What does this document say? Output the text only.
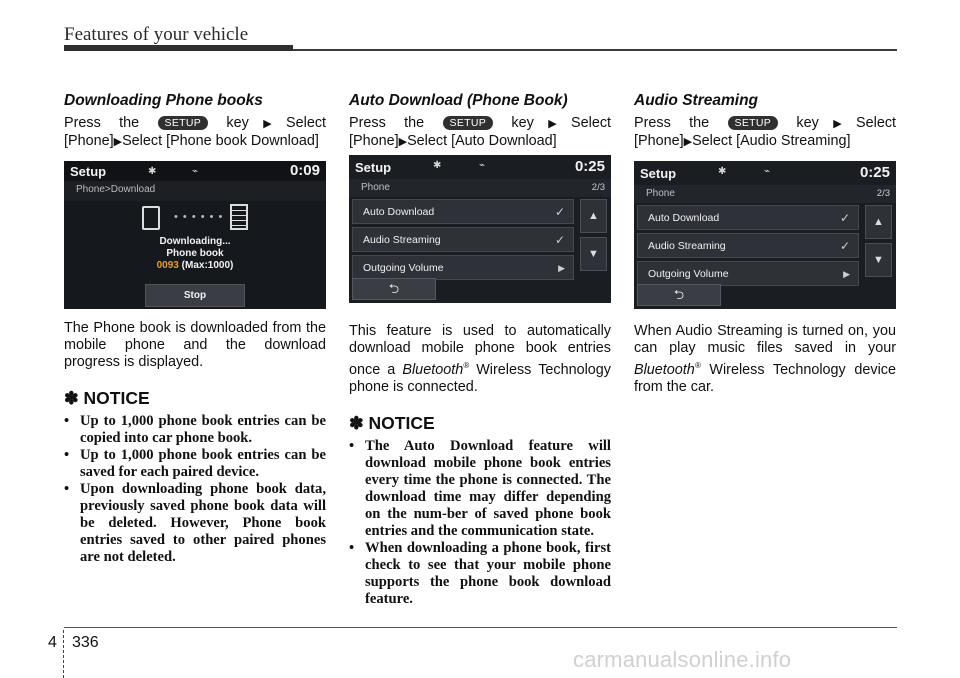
Features of your vehicle
Downloading Phone books

Press the SETUP key▶Select [Phone]▶Select [Phone book Download]

Setup	✱	⌁	0:09
Phone>Download
• • • • • •
Downloading...
Phone book
0093 (Max:1000)
Stop

The Phone book is downloaded from the mobile phone and the download progress is displayed.

✽ NOTICE
• Up to 1,000 phone book entries can be copied into car phone book.
• Up to 1,000 phone book entries can be saved for each paired device.
• Upon downloading phone book data, previously saved phone book data will be deleted. However, Phone book entries saved to other paired phones are not deleted.
Auto Download (Phone Book)

Press the SETUP key▶Select [Phone]▶Select [Auto Download]

Setup	✱	⌁	0:25
Phone	2/3
Auto Download	✓
Audio Streaming	✓
Outgoing Volume	▶
▲
▼
⮌

This feature is used to automatically download mobile phone book entries once a Bluetooth® Wireless Technology phone is connected.

✽ NOTICE
• The Auto Download feature will download mobile phone book entries every time the phone is connected. The download time may differ depending on the num-ber of saved phone book entries and the communication state.
• When downloading a phone book, first check to see that your mobile phone supports the phone book download feature.
Audio Streaming

Press the SETUP key▶Select [Phone]▶Select [Audio Streaming]

Setup	✱	⌁	0:25
Phone	2/3
Auto Download	✓
Audio Streaming	✓
Outgoing Volume	▶
▲
▼
⮌

When Audio Streaming is turned on, you can play music files saved in your Bluetooth® Wireless Technology device from the car.

4 336
carmanualsonline.info
